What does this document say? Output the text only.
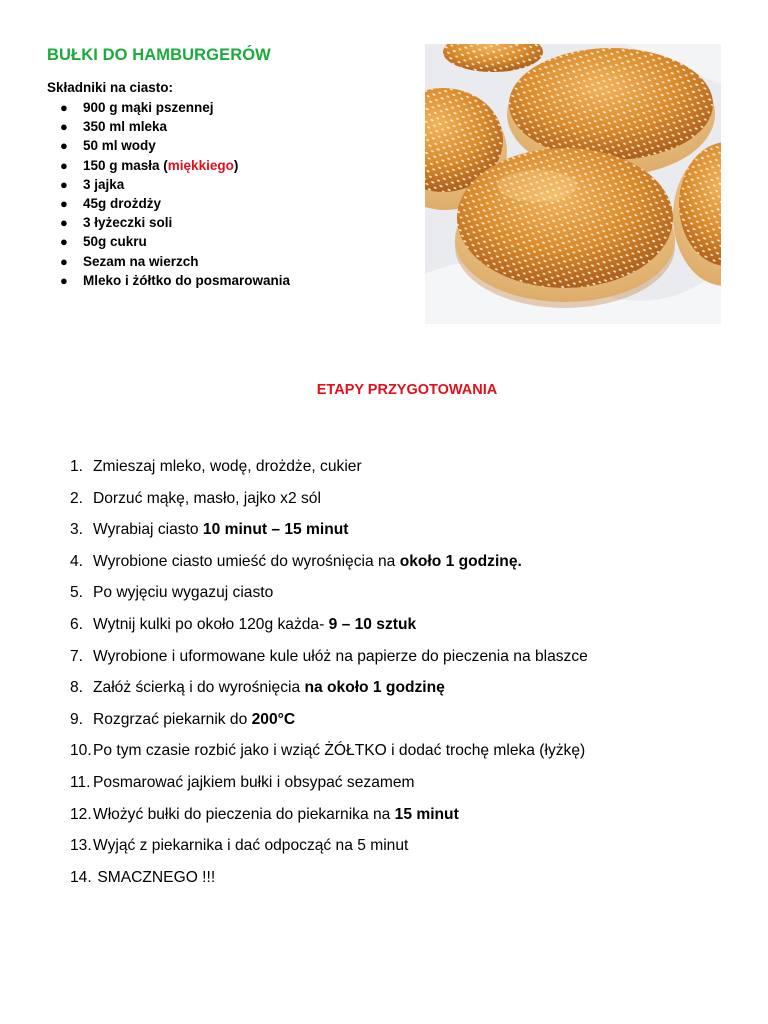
BUŁKI DO HAMBURGERÓW
Składniki na ciasto:
● 900 g mąki pszennej
● 350 ml mleka
● 50 ml wody
● 150 g masła (miękkiego)
● 3 jajka
● 45g drożdży
● 3 łyżeczki soli
● 50g cukru
● Sezam na wierzch
● Mleko i żółtko do posmarowania
ETAPY PRZYGOTOWANIA
1. Zmieszaj mleko, wodę, drożdże, cukier
2. Dorzuć mąkę, masło, jajko x2 sól
3. Wyrabiaj ciasto 10 minut – 15 minut
4. Wyrobione ciasto umieść do wyrośnięcia na około 1 godzinę.
5. Po wyjęciu wygazuj ciasto
6. Wytnij kulki po około 120g każda- 9 – 10 sztuk
7. Wyrobione i uformowane kule ułóż na papierze do pieczenia na blaszce
8. Załóż ścierką i do wyrośnięcia na około 1 godzinę
9. Rozgrzać piekarnik do 200°C
10.Po tym czasie rozbić jako i wziąć ŻÓŁTKO i dodać trochę mleka (łyżkę)
11. Posmarować jajkiem bułki i obsypać sezamem
12.Włożyć bułki do pieczenia do piekarnika na 15 minut
13.Wyjąć z piekarnika i dać odpocząć na 5 minut
14. SMACZNEGO !!!
